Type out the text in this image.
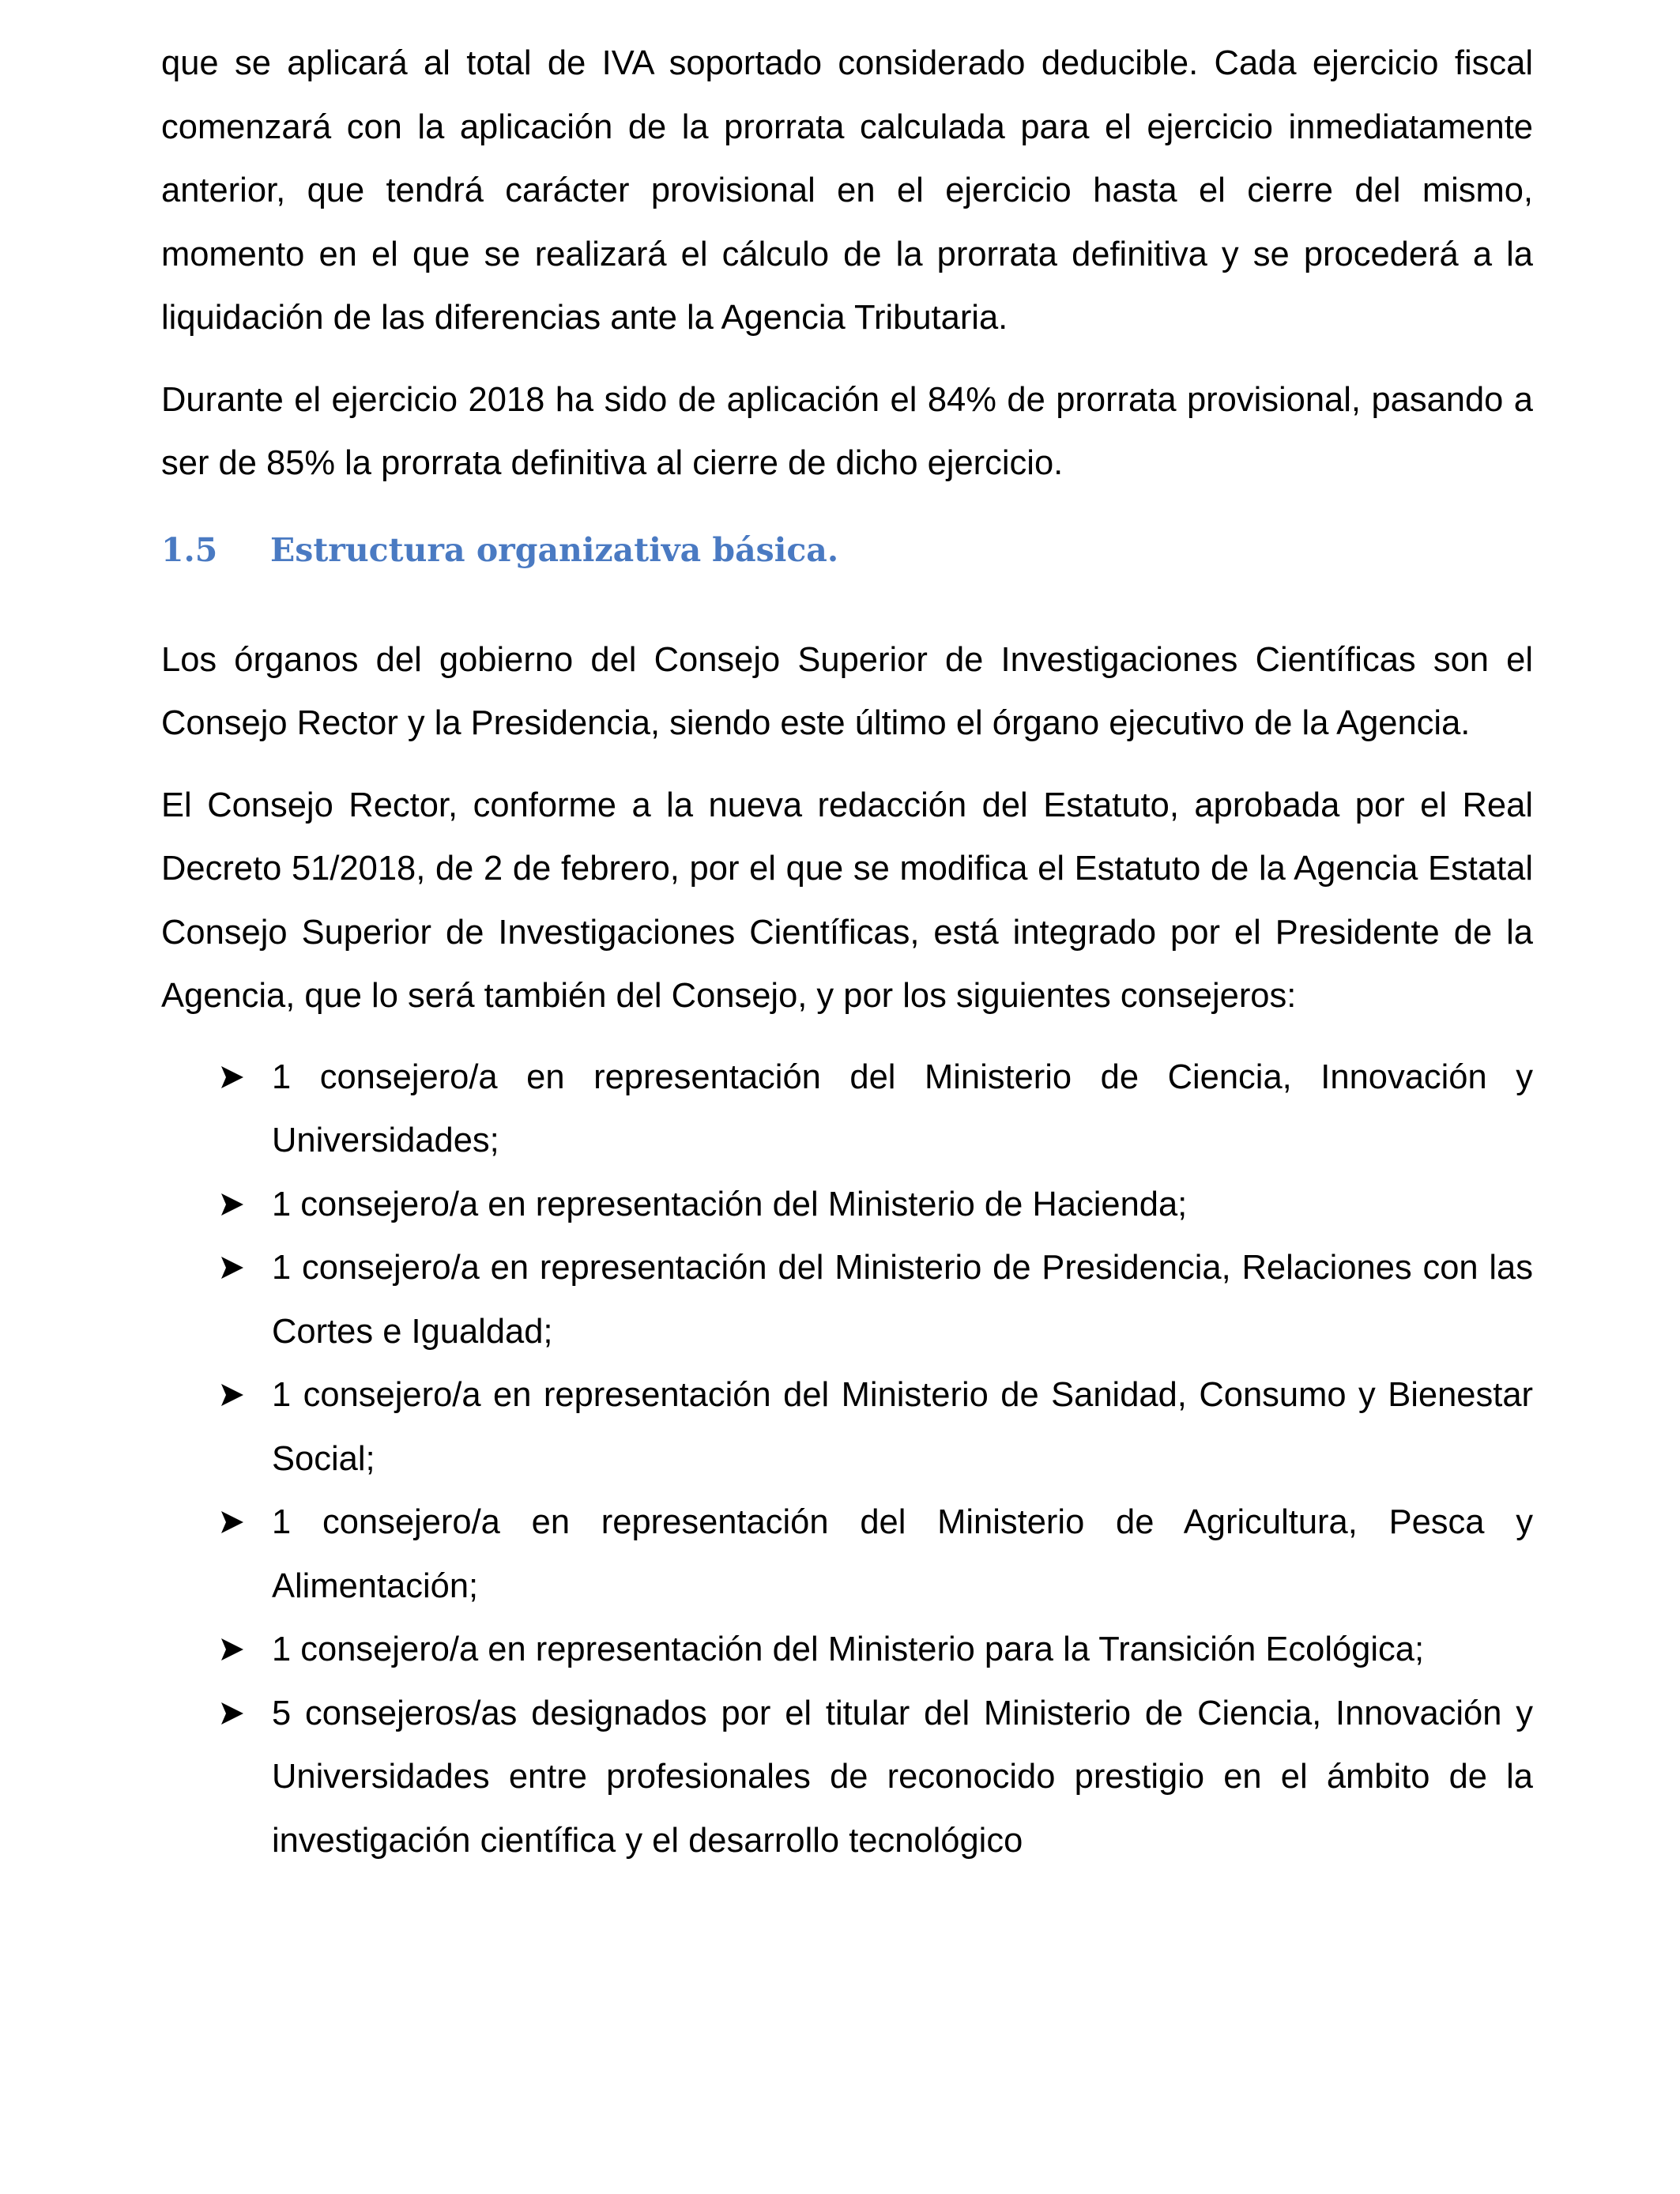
que se aplicará al total de IVA soportado considerado deducible. Cada ejercicio fiscal comenzará con la aplicación de la prorrata calculada para el ejercicio inmediatamente anterior, que tendrá carácter provisional en el ejercicio hasta el cierre del mismo, momento en el que se realizará el cálculo de la prorrata definitiva y se procederá a la liquidación de las diferencias ante la Agencia Tributaria.

Durante el ejercicio 2018 ha sido de aplicación el 84% de prorrata provisional, pasando a ser de 85% la prorrata definitiva al cierre de dicho ejercicio.

1.5	Estructura organizativa básica.

Los órganos del gobierno del Consejo Superior de Investigaciones Científicas son el Consejo Rector y la Presidencia, siendo este último el órgano ejecutivo de la Agencia.

El Consejo Rector, conforme a la nueva redacción del Estatuto, aprobada por el Real Decreto 51/2018, de 2 de febrero, por el que se modifica el Estatuto de la Agencia Estatal Consejo Superior de Investigaciones Científicas, está integrado por el Presidente de la Agencia, que lo será también del Consejo, y por los siguientes consejeros:

1 consejero/a en representación del Ministerio de Ciencia, Innovación y Universidades;
1 consejero/a en representación del Ministerio de Hacienda;
1 consejero/a en representación del Ministerio de Presidencia, Relaciones con las Cortes e Igualdad;
1 consejero/a en representación del Ministerio de Sanidad, Consumo y Bienestar Social;
1 consejero/a en representación del Ministerio de Agricultura, Pesca y Alimentación;
1 consejero/a en representación del Ministerio para la Transición Ecológica;
5 consejeros/as designados por el titular del Ministerio de Ciencia, Innovación y Universidades entre profesionales de reconocido prestigio en el ámbito de la investigación científica y el desarrollo tecnológico
